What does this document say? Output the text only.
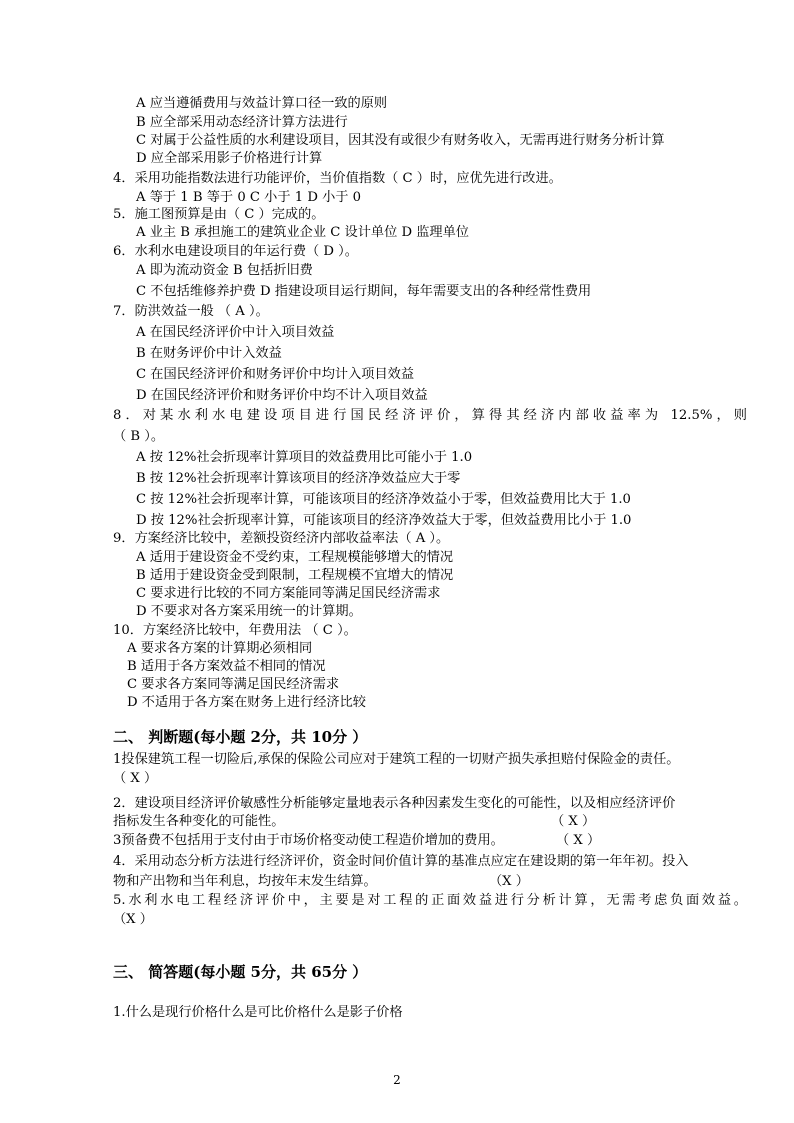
A 应当遵循费用与效益计算口径一致的原则
B 应全部采用动态经济计算方法进行
C 对属于公益性质的水利建设项目，因其没有或很少有财务收入，无需再进行财务分析计算
D 应全部采用影子价格进行计算
4．采用功能指数法进行功能评价，当价值指数（ C ）时，应优先进行改进。
A 等于 1 B 等于 0 C 小于 1 D 小于 0
5．施工图预算是由（ C ）完成的。
A 业主 B 承担施工的建筑业企业 C 设计单位 D 监理单位
6．水利水电建设项目的年运行费（ D ）。
A 即为流动资金 B 包括折旧费
C 不包括维修养护费 D 指建设项目运行期间，每年需要支出的各种经常性费用
7．防洪效益一般 （ A ）。
A 在国民经济评价中计入项目效益
B 在财务评价中计入效益
C 在国民经济评价和财务评价中均计入项目效益
D 在国民经济评价和财务评价中均不计入项目效益
8．对某水利水电建设项目进行国民经济评价，算得其经济内部收益率为 12.5%，则
（ B ）。
A 按 12%社会折现率计算项目的效益费用比可能小于 1.0
B 按 12%社会折现率计算该项目的经济净效益应大于零
C 按 12%社会折现率计算，可能该项目的经济净效益小于零，但效益费用比大于 1.0
D 按 12%社会折现率计算，可能该项目的经济净效益大于零，但效益费用比小于 1.0
9．方案经济比较中，差额投资经济内部收益率法（ A ）。
A 适用于建设资金不受约束，工程规模能够增大的情况
B 适用于建设资金受到限制，工程规模不宜增大的情况
C 要求进行比较的不同方案能同等满足国民经济需求
D 不要求对各方案采用统一的计算期。
10．方案经济比较中，年费用法 （ C ）。
A 要求各方案的计算期必须相同
B 适用于各方案效益不相同的情况
C 要求各方案同等满足国民经济需求
D 不适用于各方案在财务上进行经济比较
二、 判断题(每小题 2分，共 10分 ）
1投保建筑工程一切险后,承保的保险公司应对于建筑工程的一切财产损失承担赔付保险金的责任。
（ X ）
2．建设项目经济评价敏感性分析能够定量地表示各种因素发生变化的可能性，以及相应经济评价
指标发生各种变化的可能性。	（ X ）
3预备费不包括用于支付由于市场价格变动使工程造价增加的费用。	（ X ）
4．采用动态分析方法进行经济评价，资金时间价值计算的基准点应定在建设期的第一年年初。投入
物和产出物和当年利息，均按年末发生结算。	（X ）
5.水利水电工程经济评价中，主要是对工程的正面效益进行分析计算，无需考虑负面效益。
（X ）
三、 简答题(每小题 5分，共 65分 ）
1.什么是现行价格什么是可比价格什么是影子价格
2
